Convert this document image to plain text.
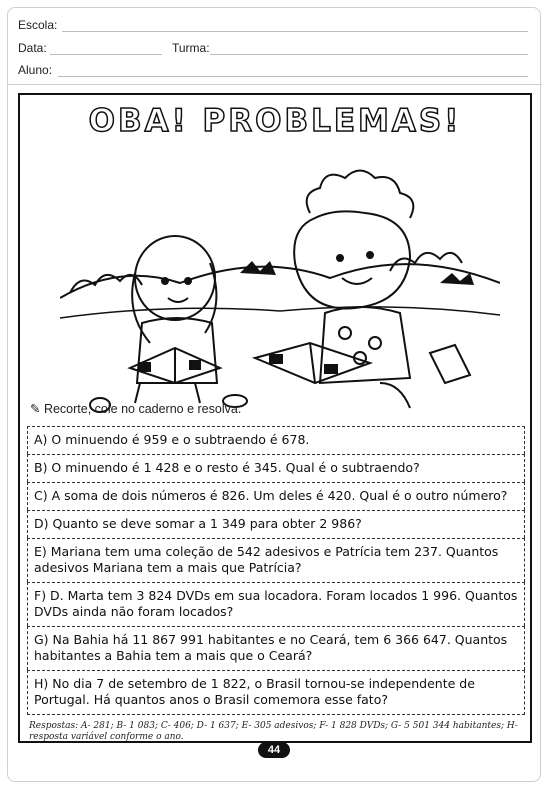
Escola:
Data:	Turma:
Aluno:
OBA! PROBLEMAS!
✎ Recorte, cole no caderno e resolva.
A) O minuendo é 959 e o subtraendo é 678.
B) O minuendo é 1 428 e o resto é 345. Qual é o subtraendo?
C) A soma de dois números é 826. Um deles é 420. Qual é o outro número?
D) Quanto se deve somar a 1 349 para obter 2 986?
E) Mariana tem uma coleção de 542 adesivos e Patrícia tem 237. Quantos adesivos Mariana tem a mais que Patrícia?
F) D. Marta tem 3 824 DVDs em sua locadora. Foram locados 1 996. Quantos DVDs ainda não foram locados?
G) Na Bahia há 11 867 991 habitantes e no Ceará, tem 6 366 647. Quantos habitantes a Bahia tem a mais que o Ceará?
H) No dia 7 de setembro de 1 822, o Brasil tornou-se independente de Portugal. Há quantos anos o Brasil comemora esse fato?
Respostas: A- 281; B- 1 083; C- 406; D- 1 637; E- 305 adesivos; F- 1 828 DVDs; G- 5 501 344 habitantes; H- resposta variável conforme o ano.
44
